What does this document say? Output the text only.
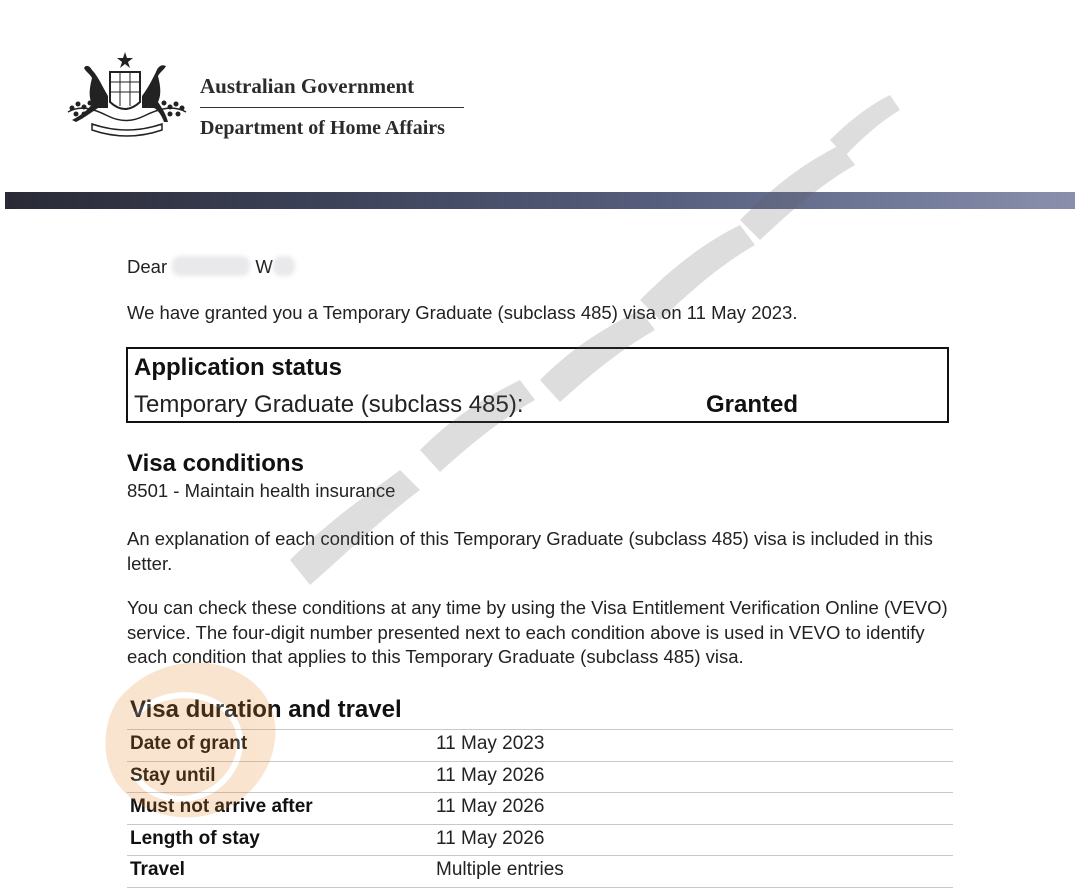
Australian Government
Department of Home Affairs
Dear	W
We have granted you a Temporary Graduate (subclass 485) visa on 11 May 2023.
Application status
Temporary Graduate (subclass 485):	Granted
Visa conditions
8501 - Maintain health insurance
An explanation of each condition of this Temporary Graduate (subclass 485) visa is included in this letter.
You can check these conditions at any time by using the Visa Entitlement Verification Online (VEVO) service. The four-digit number presented next to each condition above is used in VEVO to identify each condition that applies to this Temporary Graduate (subclass 485) visa.
Visa duration and travel
Date of grant	11 May 2023
Stay until	11 May 2026
Must not arrive after	11 May 2026
Length of stay	11 May 2026
Travel	Multiple entries
